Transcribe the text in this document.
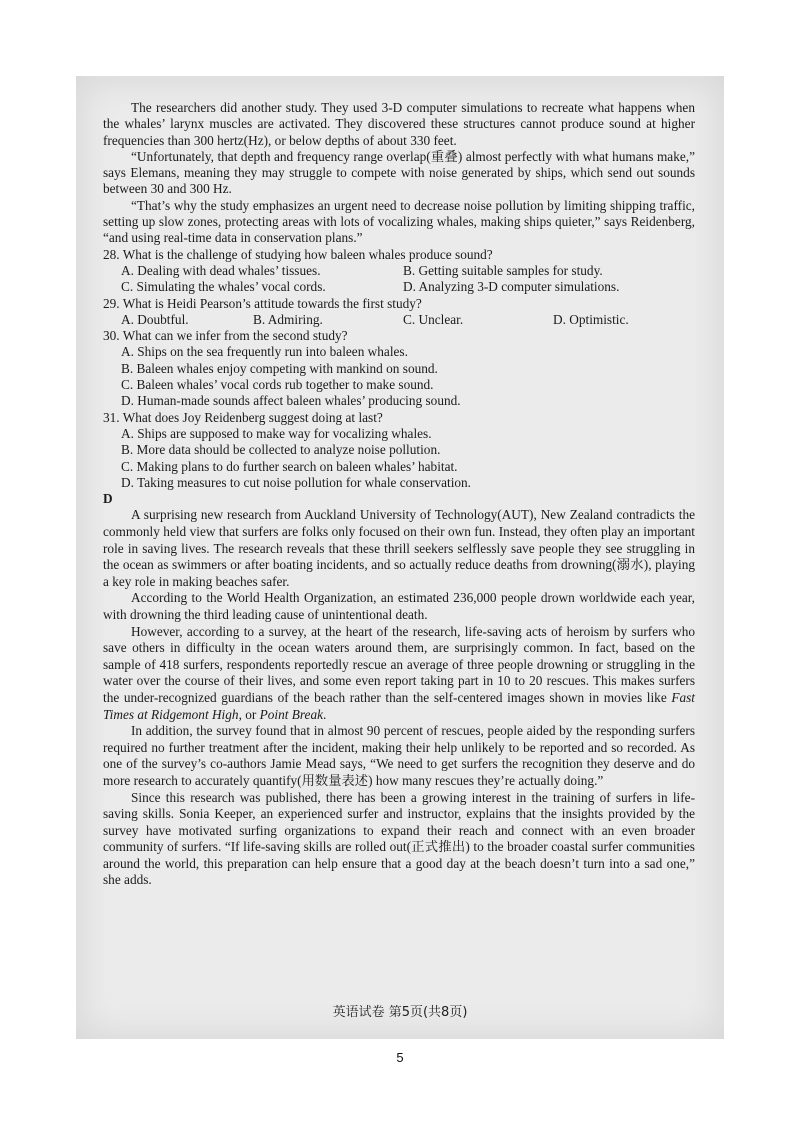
The researchers did another study. They used 3-D computer simulations to recreate what happens when the whales’ larynx muscles are activated. They discovered these structures cannot produce sound at higher frequencies than 300 hertz(Hz), or below depths of about 330 feet.

“Unfortunately, that depth and frequency range overlap(重叠) almost perfectly with what humans make,” says Elemans, meaning they may struggle to compete with noise generated by ships, which send out sounds between 30 and 300 Hz.

“That’s why the study emphasizes an urgent need to decrease noise pollution by limiting shipping traffic, setting up slow zones, protecting areas with lots of vocalizing whales, making ships quieter,” says Reidenberg, “and using real-time data in conservation plans.”

28. What is the challenge of studying how baleen whales produce sound?

A. Dealing with dead whales’ tissues.	B. Getting suitable samples for study.

C. Simulating the whales’ vocal cords.	D. Analyzing 3-D computer simulations.

29. What is Heidi Pearson’s attitude towards the first study?

A. Doubtful.	B. Admiring.	C. Unclear.	D. Optimistic.

30. What can we infer from the second study?

A. Ships on the sea frequently run into baleen whales.

B. Baleen whales enjoy competing with mankind on sound.

C. Baleen whales’ vocal cords rub together to make sound.

D. Human-made sounds affect baleen whales’ producing sound.

31. What does Joy Reidenberg suggest doing at last?

A. Ships are supposed to make way for vocalizing whales.

B. More data should be collected to analyze noise pollution.

C. Making plans to do further search on baleen whales’ habitat.

D. Taking measures to cut noise pollution for whale conservation.

D

A surprising new research from Auckland University of Technology(AUT), New Zealand contradicts the commonly held view that surfers are folks only focused on their own fun. Instead, they often play an important role in saving lives. The research reveals that these thrill seekers selflessly save people they see struggling in the ocean as swimmers or after boating incidents, and so actually reduce deaths from drowning(溺水), playing a key role in making beaches safer.

According to the World Health Organization, an estimated 236,000 people drown worldwide each year, with drowning the third leading cause of unintentional death.

However, according to a survey, at the heart of the research, life-saving acts of heroism by surfers who save others in difficulty in the ocean waters around them, are surprisingly common. In fact, based on the sample of 418 surfers, respondents reportedly rescue an average of three people drowning or struggling in the water over the course of their lives, and some even report taking part in 10 to 20 rescues. This makes surfers the under-recognized guardians of the beach rather than the self-centered images shown in movies like Fast Times at Ridgemont High, or Point Break.

In addition, the survey found that in almost 90 percent of rescues, people aided by the responding surfers required no further treatment after the incident, making their help unlikely to be reported and so recorded. As one of the survey’s co-authors Jamie Mead says, “We need to get surfers the recognition they deserve and do more research to accurately quantify(用数量表述) how many rescues they’re actually doing.”

Since this research was published, there has been a growing interest in the training of surfers in life-saving skills. Sonia Keeper, an experienced surfer and instructor, explains that the insights provided by the survey have motivated surfing organizations to expand their reach and connect with an even broader community of surfers. “If life-saving skills are rolled out(正式推出) to the broader coastal surfer communities around the world, this preparation can help ensure that a good day at the beach doesn’t turn into a sad one,” she adds.

英语试卷 第5页(共8页)
5
